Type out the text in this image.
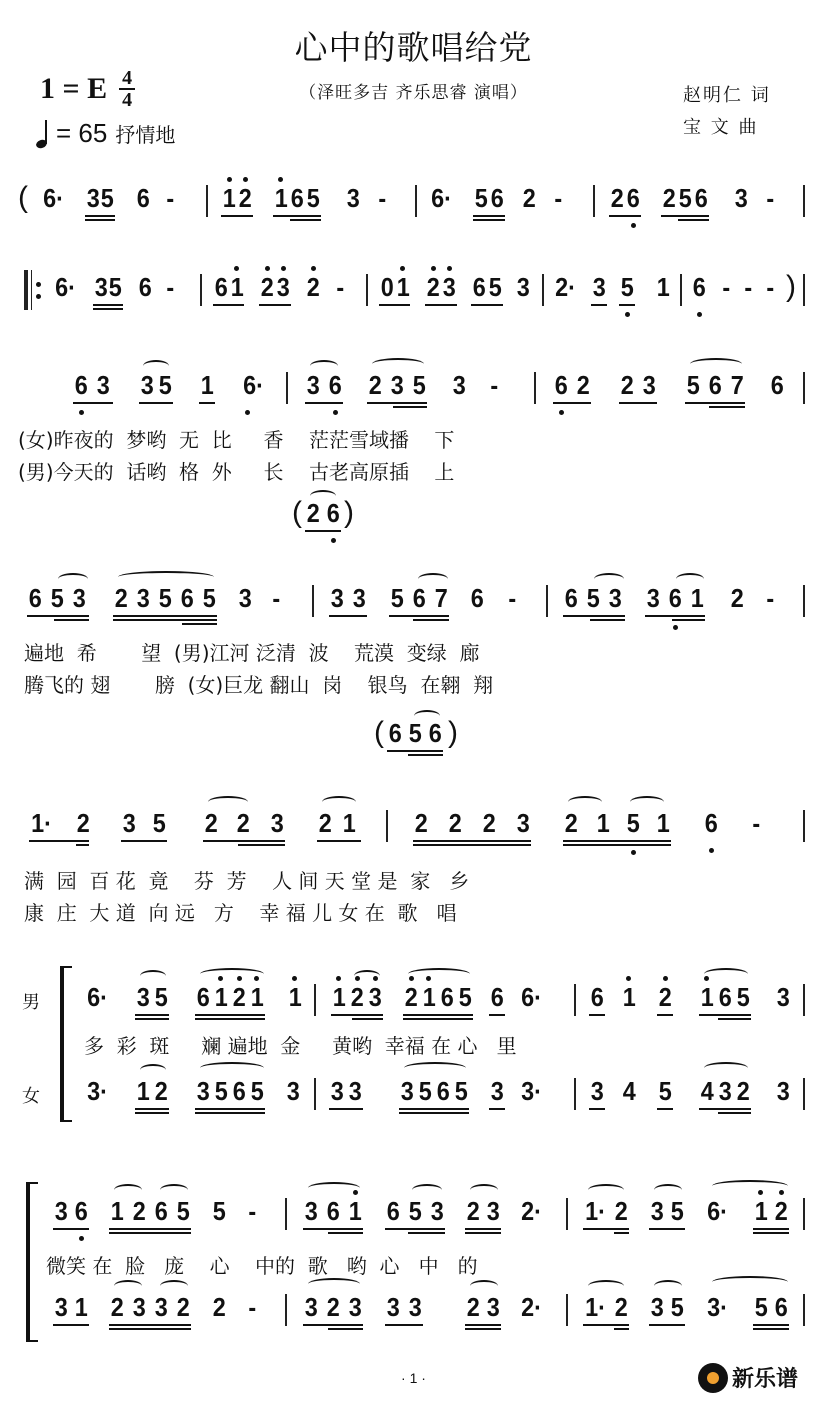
心中的歌唱给党
（泽旺多吉 齐乐思睿 演唱）
1 = E 4
4
= 65 抒情地
赵明仁 词
宝 文 曲
( 6· 3 5 6 - 1 2 1 6 5 3 - 6· 5 6 2 - 2 6 2 5 6 3 -
6· 3 5 6 - 6 1 2 3 2 - 0 1 2 3 6 5 3 2· 3 5 1 6 - - - )
6 3 3 5 1 6· 3 6 2 3 5 3 - 6 2 2 3 5 6 7 6
(女)昨夜的  梦哟  无  比     香    茫茫雪域播    下
(男)今天的  话哟  格  外     长    古老高原插    上
( 2 6 )
6 5 3 2 3 5 6 5 3 - 3 3 5 6 7 6 - 6 5 3 3 6 1 2 -
遍地  希       望  (男)江河 泛清  波    荒漠  变绿  廊
腾飞的 翅       膀  (女)巨龙 翻山  岗    银鸟  在翱  翔
( 6 5 6 )
1· 2 3 5 2 2 3 2 1 2 2 2 3 2 1 5 1 6 -
满  园  百 花  竟    芬  芳    人 间 天 堂 是  家   乡
康  庄  大 道  向 远   方    幸 福 儿 女 在  歌   唱
男
女
6· 3 5 6 1 2 1 1 1 2 3 2 1 6 5 6 6· 6 1 2 1 6 5 3
多  彩  斑     斓 遍地  金     黄哟  幸福 在 心   里
3· 1 2 3 5 6 5 3 3 3 3 5 6 5 3 3· 3 4 5 4 3 2 3
3 6 1 2 6 5 5 - 3 6 1 6 5 3 2 3 2· 1· 2 3 5 6· 1 2
微笑 在  脸   庞    心    中的  歌   哟  心   中   的
3 1 2 3 3 2 2 - 3 2 3 3 3 2 3 2· 1· 2 3 5 3· 5 6
· 1 ·	新乐谱
